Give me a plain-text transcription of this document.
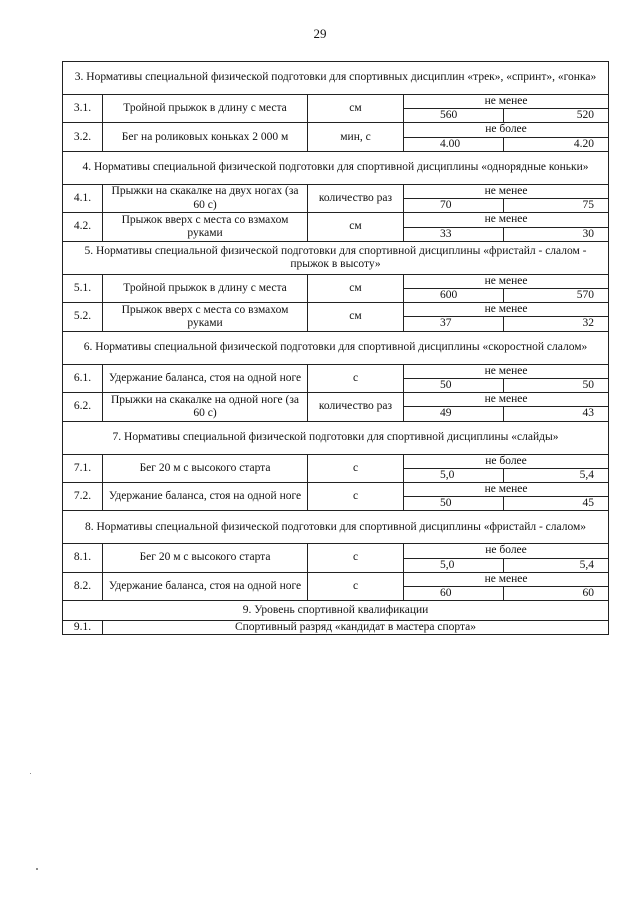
29
3. Нормативы специальной физической подготовки для спортивных дисциплин «трек», «спринт», «гонка»				
3.1.	Тройной прыжок в длину с места	см	не менее	
			560	520
3.2.	Бег на роликовых коньках 2 000 м	мин, с	не более	
			4.00	4.20
4. Нормативы специальной физической подготовки для спортивной дисциплины «однорядные коньки»				
4.1.	Прыжки на скакалке на двух ногах (за 60 с)	количество раз	не менее	
			70	75
4.2.	Прыжок вверх с места со взмахом руками	см	не менее	
			33	30
5. Нормативы специальной физической подготовки для спортивной дисциплины «фристайл - слалом - прыжок в высоту»				
5.1.	Тройной прыжок в длину с места	см	не менее	
			600	570
5.2.	Прыжок вверх с места со взмахом руками	см	не менее	
			37	32
6. Нормативы специальной физической подготовки для спортивной дисциплины «скоростной слалом»				
6.1.	Удержание баланса, стоя на одной ноге	с	не менее	
			50	50
6.2.	Прыжки на скакалке на одной ноге (за 60 с)	количество раз	не менее	
			49	43
7. Нормативы специальной физической подготовки для спортивной дисциплины «слайды»				
7.1.	Бег 20 м с высокого старта	с	не более	
			5,0	5,4
7.2.	Удержание баланса, стоя на одной ноге	с	не менее	
			50	45
8. Нормативы специальной физической подготовки для спортивной дисциплины «фристайл - слалом»				
8.1.	Бег 20 м с высокого старта	с	не более	
			5,0	5,4
8.2.	Удержание баланса, стоя на одной ноге	с	не менее	
			60	60
9. Уровень спортивной квалификации				
9.1.	Спортивный разряд «кандидат в мастера спорта»			
